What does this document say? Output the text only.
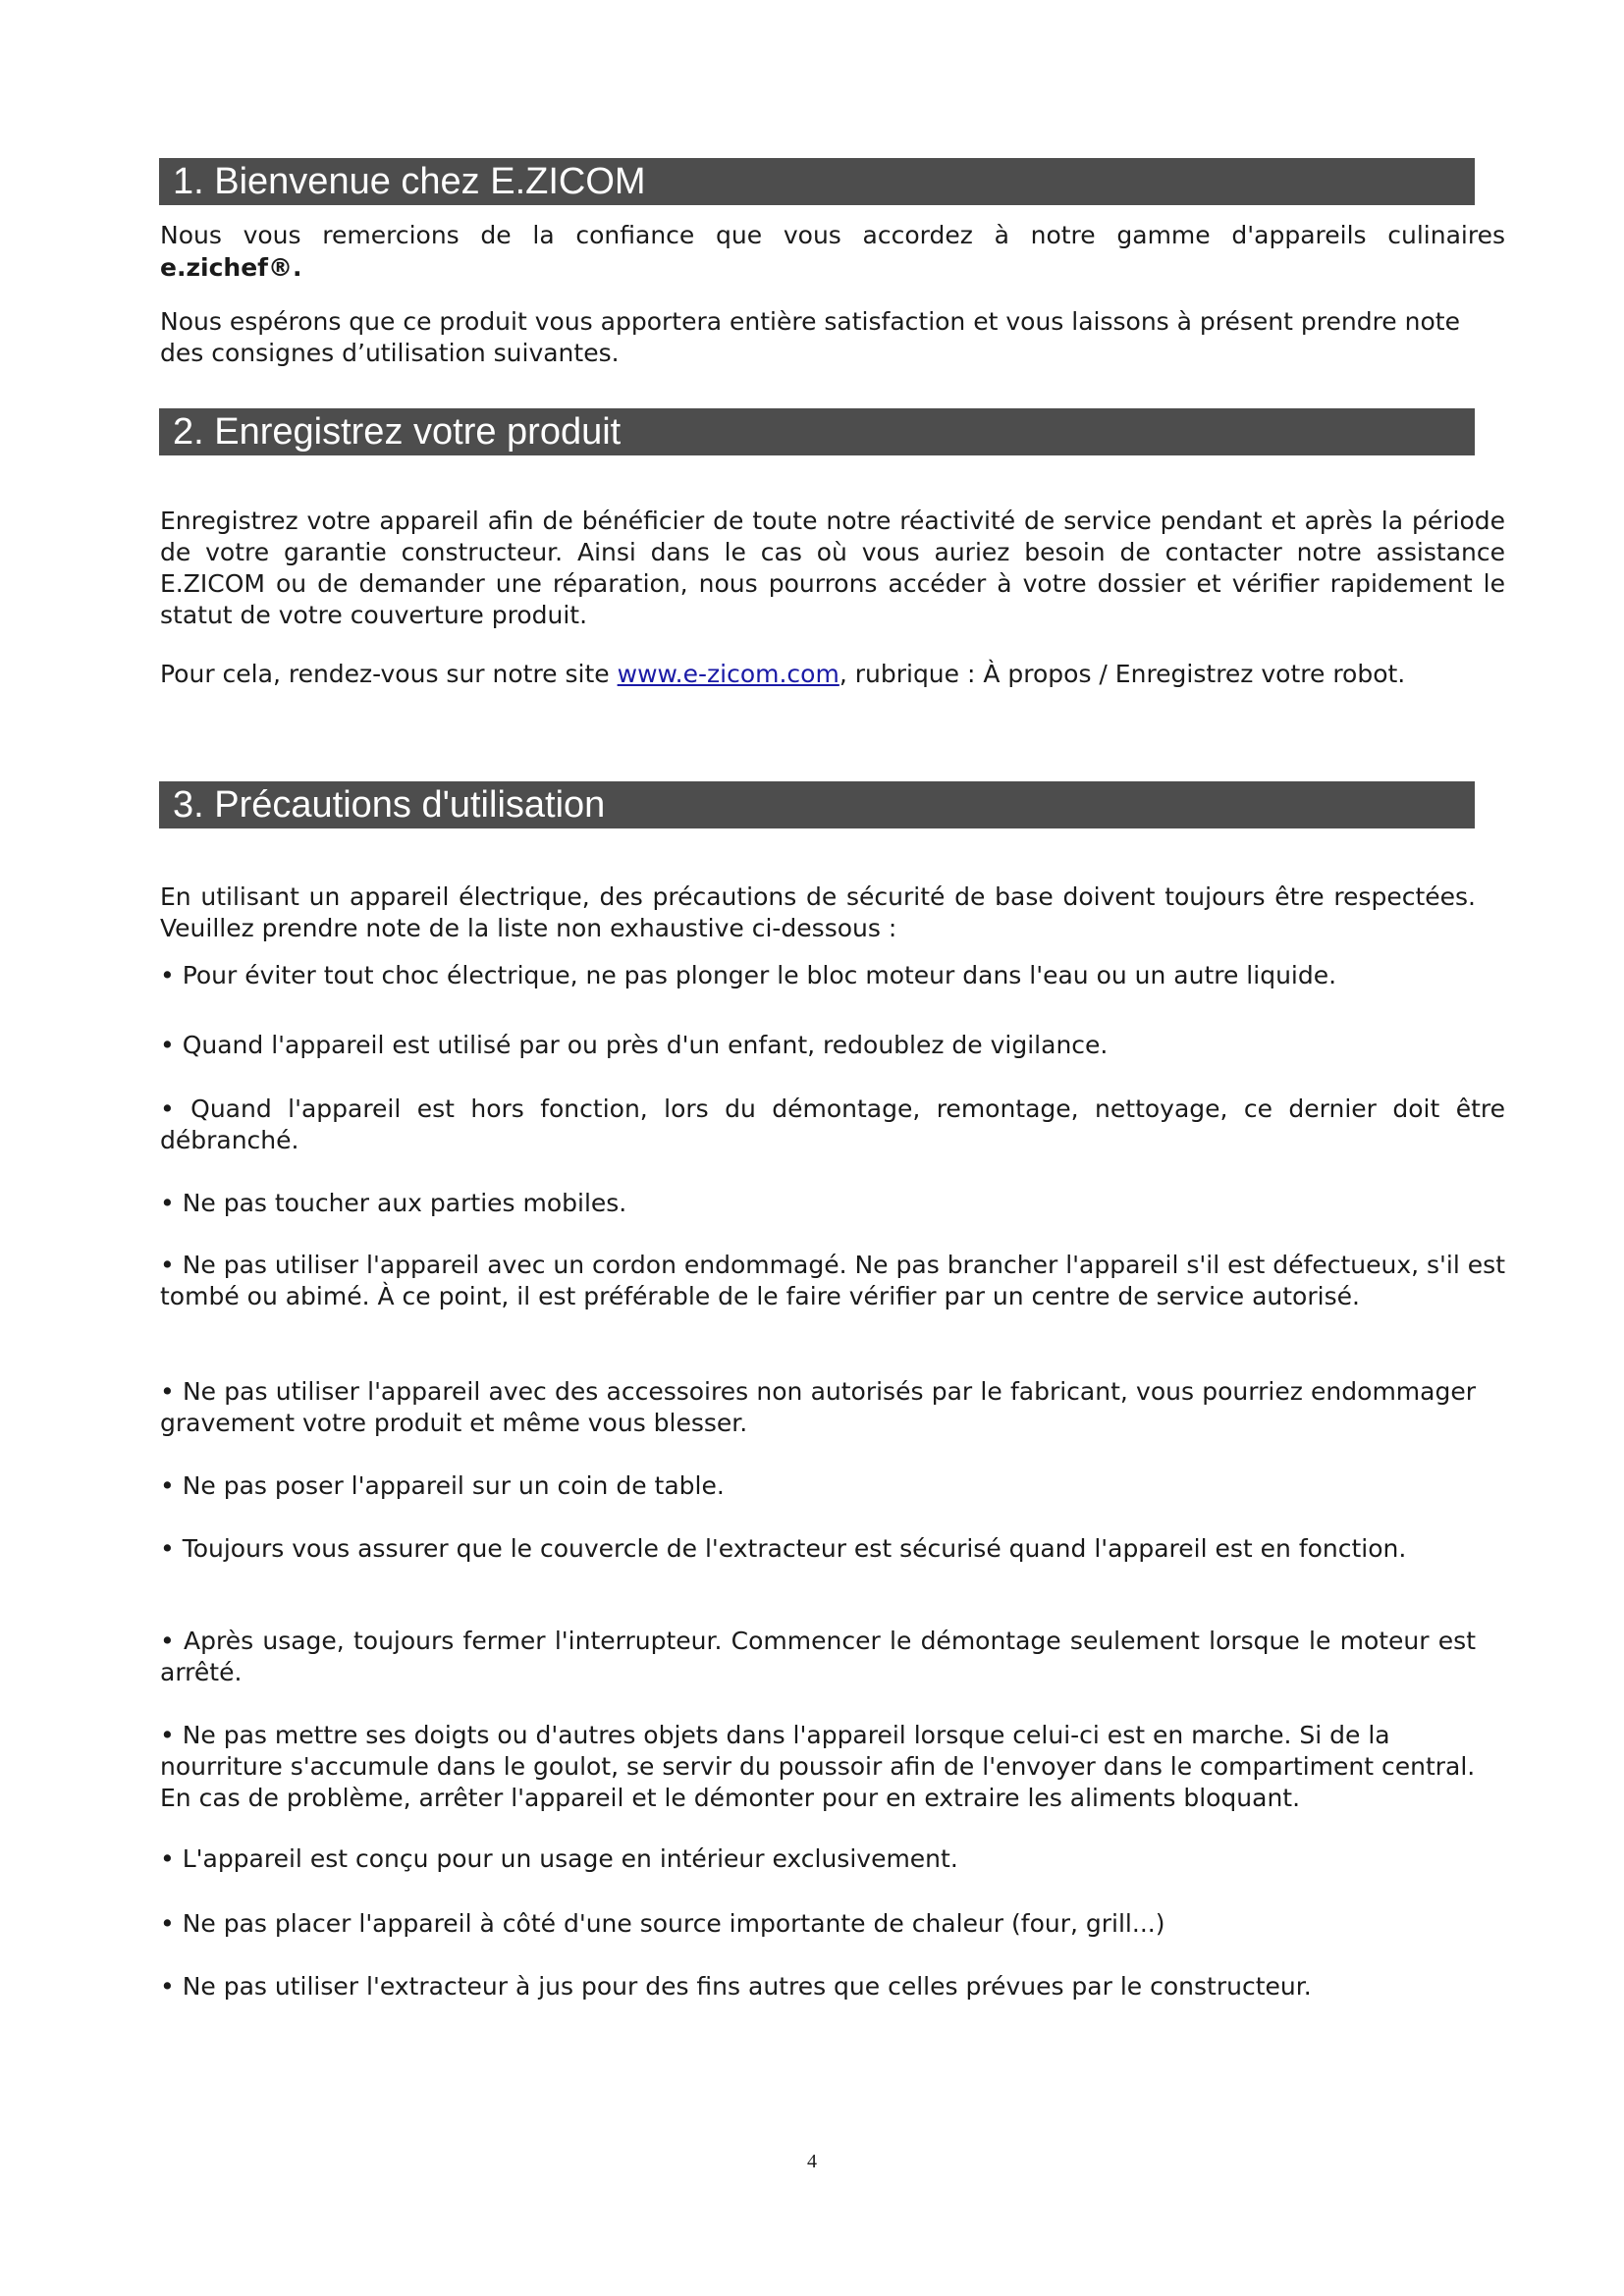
1. Bienvenue chez E.ZICOM

Nous vous remercions de la confiance que vous accordez à notre gamme d'appareils culinaires

e.zichef®.

Nous espérons que ce produit vous apportera entière satisfaction et vous laissons à présent prendre note des consignes d’utilisation suivantes.

2. Enregistrez votre produit

Enregistrez votre appareil afin de bénéficier de toute notre réactivité de service pendant et après la période de votre garantie constructeur. Ainsi dans le cas où vous auriez besoin de contacter notre assistance E.ZICOM ou de demander une réparation, nous pourrons accéder à votre dossier et vérifier rapidement le statut de votre couverture produit.

Pour cela, rendez-vous sur notre site www.e-zicom.com, rubrique : À propos / Enregistrez votre robot.

3. Précautions d'utilisation

En utilisant un appareil électrique, des précautions de sécurité de base doivent toujours être respectées. Veuillez prendre note de la liste non exhaustive ci-dessous :

• Pour éviter tout choc électrique, ne pas plonger le bloc moteur dans l'eau ou un autre liquide.

• Quand l'appareil est utilisé par ou près d'un enfant, redoublez de vigilance.

• Quand l'appareil est hors fonction, lors du démontage, remontage, nettoyage, ce dernier doit être débranché.

• Ne pas toucher aux parties mobiles.

• Ne pas utiliser l'appareil avec un cordon endommagé. Ne pas brancher l'appareil s'il est défectueux, s'il est tombé ou abimé. À ce point, il est préférable de le faire vérifier par un centre de service autorisé.

• Ne pas utiliser l'appareil avec des accessoires non autorisés par le fabricant, vous pourriez endommager gravement votre produit et même vous blesser.

• Ne pas poser l'appareil sur un coin de table.

• Toujours vous assurer que le couvercle de l'extracteur est sécurisé quand l'appareil est en fonction.

• Après usage, toujours fermer l'interrupteur. Commencer le démontage seulement lorsque le moteur est arrêté.

• Ne pas mettre ses doigts ou d'autres objets dans l'appareil lorsque celui-ci est en marche. Si de la nourriture s'accumule dans le goulot, se servir du poussoir afin de l'envoyer dans le compartiment central. En cas de problème, arrêter l'appareil et le démonter pour en extraire les aliments bloquant.

• L'appareil est conçu pour un usage en intérieur exclusivement.

• Ne pas placer l'appareil à côté d'une source importante de chaleur (four, grill...)

• Ne pas utiliser l'extracteur à jus pour des fins autres que celles prévues par le constructeur.

4
